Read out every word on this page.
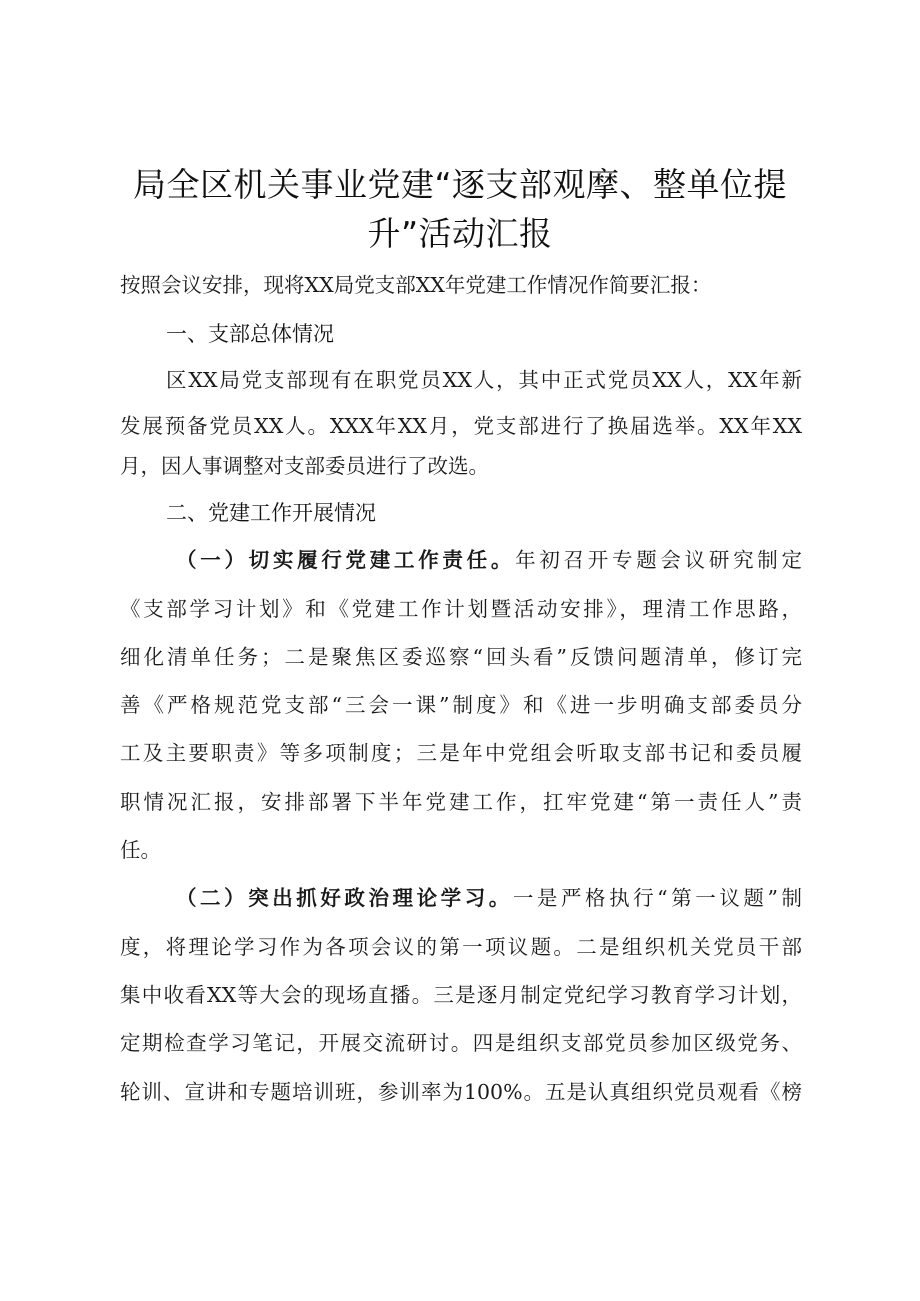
局全区机关事业党建“逐支部观摩、整单位提
升”活动汇报
按照会议安排，现将XX局党支部XX年党建工作情况作简要汇报：
一、支部总体情况
区XX局党支部现有在职党员XX人，其中正式党员XX人，XX年新
发展预备党员XX人。XXX年XX月，党支部进行了换届选举。XX年XX
月，因人事调整对支部委员进行了改选。
二、党建工作开展情况
（一）切实履行党建工作责任。年初召开专题会议研究制定
《支部学习计划》和《党建工作计划暨活动安排》，理清工作思路，
细化清单任务；二是聚焦区委巡察“回头看”反馈问题清单，修订完
善《严格规范党支部“三会一课”制度》和《进一步明确支部委员分
工及主要职责》等多项制度；三是年中党组会听取支部书记和委员履
职情况汇报，安排部署下半年党建工作，扛牢党建“第一责任人”责
任。
（二）突出抓好政治理论学习。一是严格执行“第一议题”制
度，将理论学习作为各项会议的第一项议题。二是组织机关党员干部
集中收看XX等大会的现场直播。三是逐月制定党纪学习教育学习计划，
定期检查学习笔记，开展交流研讨。四是组织支部党员参加区级党务、
轮训、宣讲和专题培训班，参训率为100%。五是认真组织党员观看《榜
